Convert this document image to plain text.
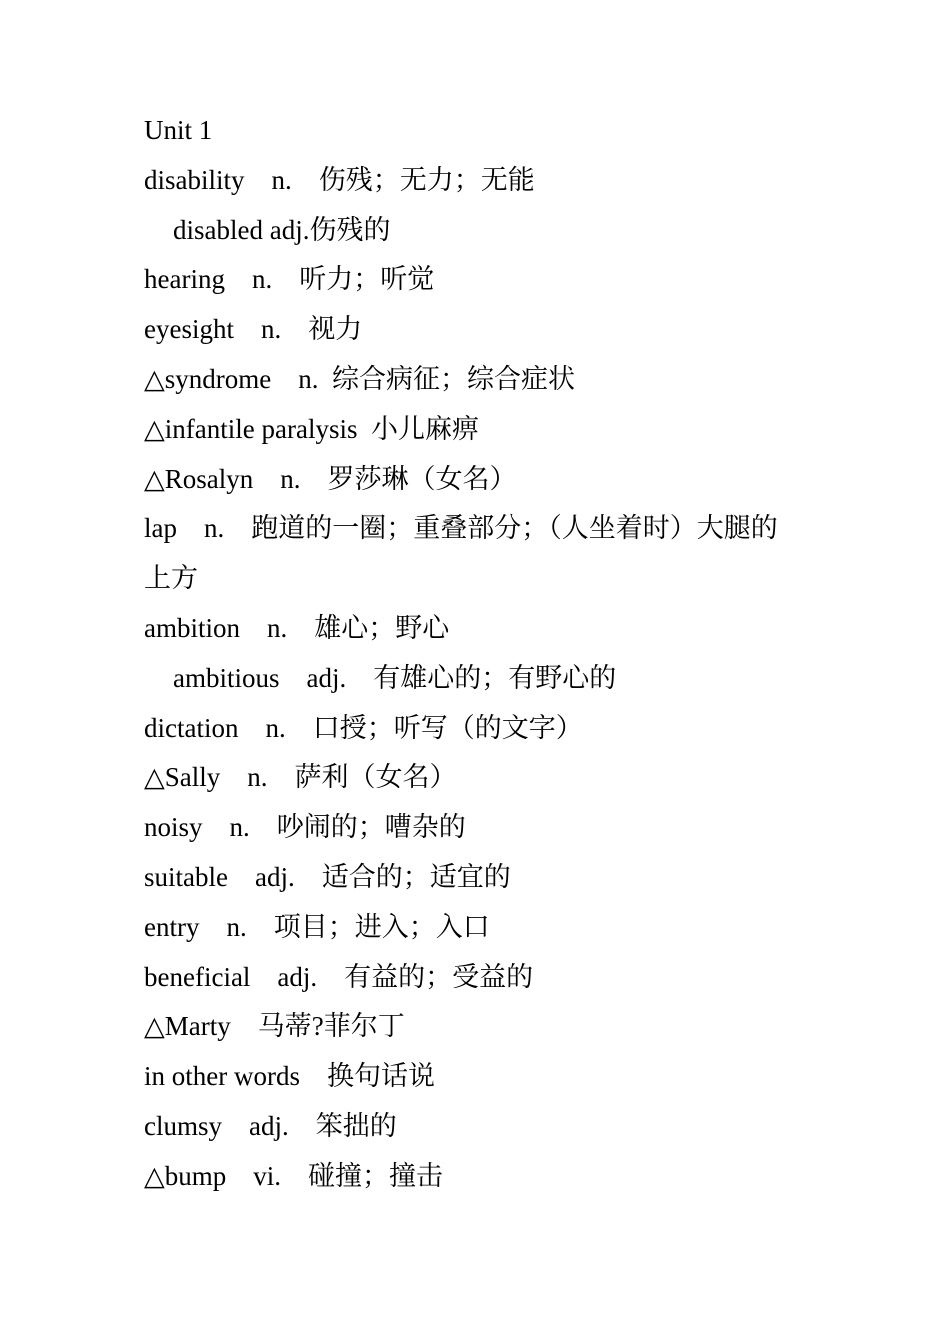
Unit 1
disability    n.    伤残；无力；无能
disabled adj.伤残的
hearing    n.    听力；听觉
eyesight    n.    视力
△syndrome    n.  综合病征；综合症状
△infantile paralysis  小儿麻痹
△Rosalyn    n.    罗莎琳（女名）
lap    n.    跑道的一圈；重叠部分；（人坐着时）大腿的
上方
ambition    n.    雄心；野心
ambitious    adj.    有雄心的；有野心的
dictation    n.    口授；听写（的文字）
△Sally    n.    萨利（女名）
noisy    n.    吵闹的；嘈杂的
suitable    adj.    适合的；适宜的
entry    n.    项目；进入；入口
beneficial    adj.    有益的；受益的
△Marty    马蒂?菲尔丁
in other words    换句话说
clumsy    adj.    笨拙的
△bump    vi.    碰撞；撞击
